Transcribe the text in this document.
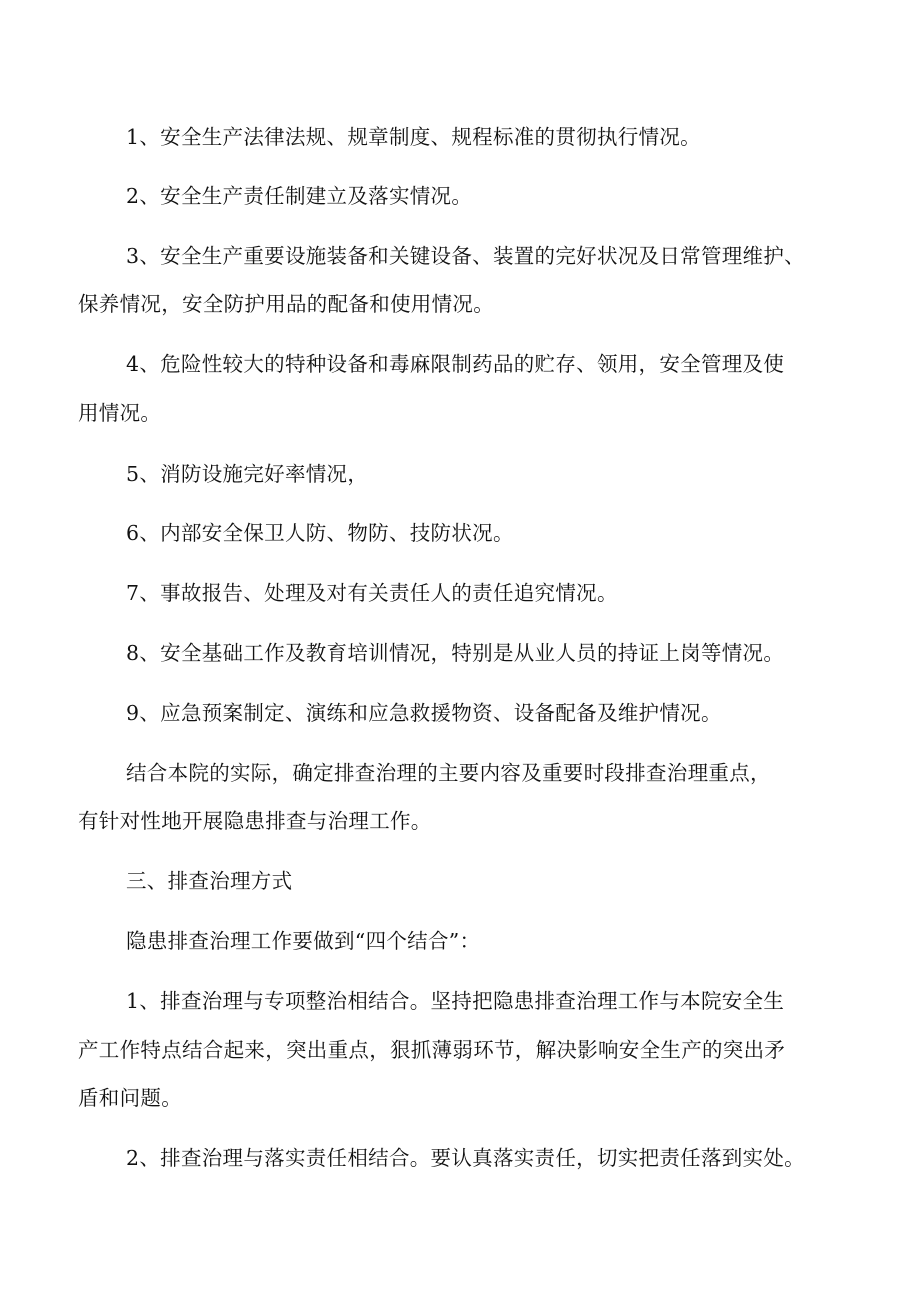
1、安全生产法律法规、规章制度、规程标准的贯彻执行情况。
2、安全生产责任制建立及落实情况。
3、安全生产重要设施装备和关键设备、装置的完好状况及日常管理维护、
保养情况，安全防护用品的配备和使用情况。
4、危险性较大的特种设备和毒麻限制药品的贮存、领用，安全管理及使
用情况。
5、消防设施完好率情况，
6、内部安全保卫人防、物防、技防状况。
7、事故报告、处理及对有关责任人的责任追究情况。
8、安全基础工作及教育培训情况，特别是从业人员的持证上岗等情况。
9、应急预案制定、演练和应急救援物资、设备配备及维护情况。
结合本院的实际，确定排查治理的主要内容及重要时段排查治理重点，
有针对性地开展隐患排查与治理工作。
三、排查治理方式
隐患排查治理工作要做到“四个结合”：
1、排查治理与专项整治相结合。坚持把隐患排查治理工作与本院安全生
产工作特点结合起来，突出重点，狠抓薄弱环节，解决影响安全生产的突出矛
盾和问题。
2、排查治理与落实责任相结合。要认真落实责任，切实把责任落到实处。
